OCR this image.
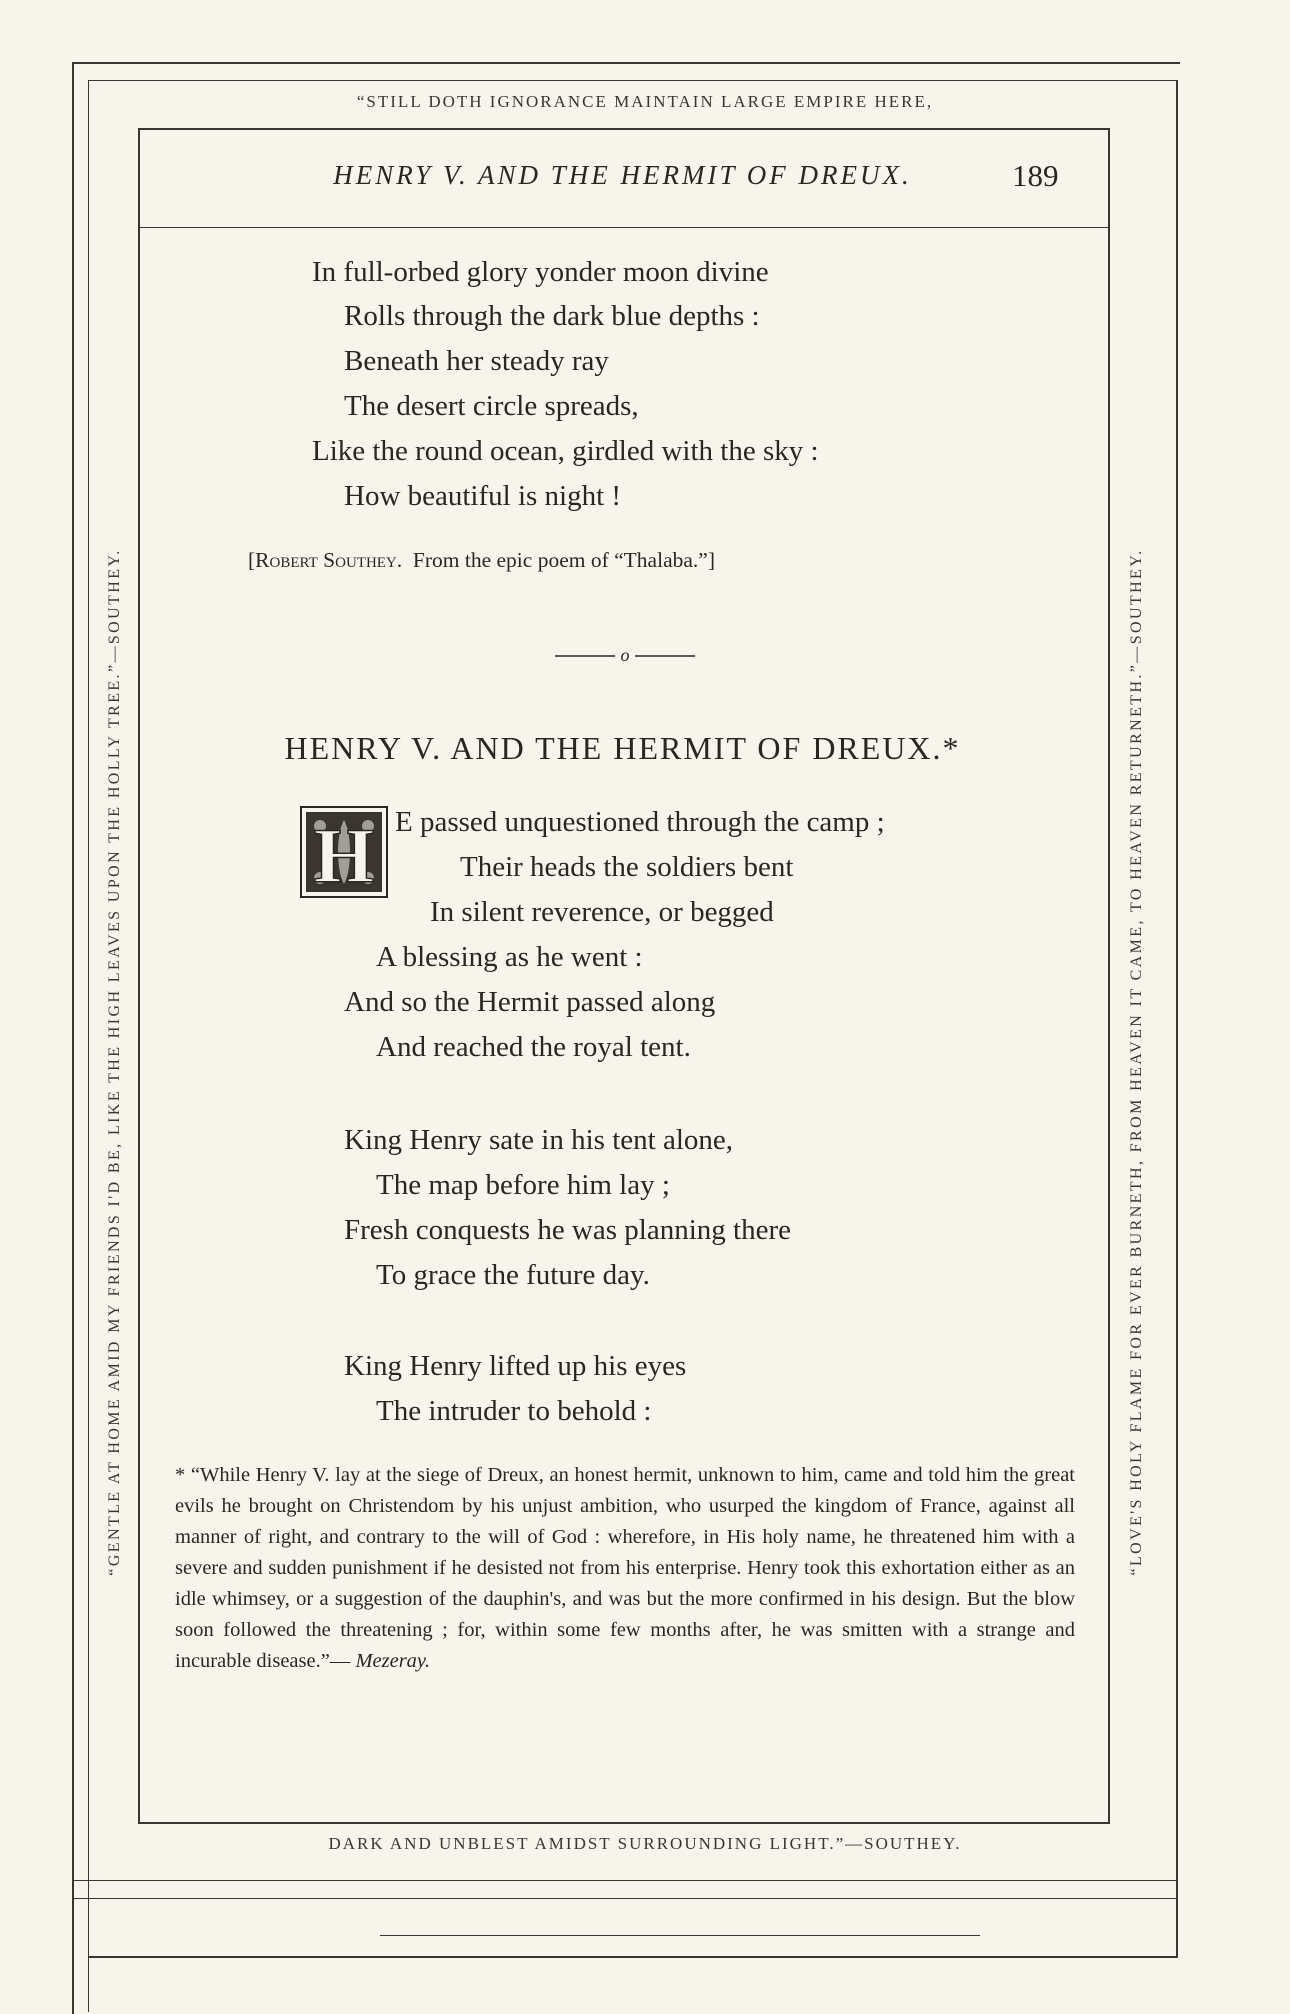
“STILL DOTH IGNORANCE MAINTAIN LARGE EMPIRE HERE,

“GENTLE AT HOME AMID MY FRIENDS I'D BE, LIKE THE HIGH LEAVES UPON THE HOLLY TREE.”—SOUTHEY.	“LOVE'S HOLY FLAME FOR EVER BURNETH, FROM HEAVEN IT CAME, TO HEAVEN RETURNETH.”—SOUTHEY.

DARK AND UNBLEST AMIDST SURROUNDING LIGHT.”—SOUTHEY.

HENRY V. AND THE HERMIT OF DREUX.	189

In full-orbed glory yonder moon divine

Rolls through the dark blue depths :

Beneath her steady ray

The desert circle spreads,

Like the round ocean, girdled with the sky :

How beautiful is night !

[Robert Southey. From the epic poem of “Thalaba.”]
o
HENRY V. AND THE HERMIT OF DREUX.*
H E passed unquestioned through the camp ;

Their heads the soldiers bent

In silent reverence, or begged

A blessing as he went :

And so the Hermit passed along

And reached the royal tent.

King Henry sate in his tent alone,

The map before him lay ;

Fresh conquests he was planning there

To grace the future day.

King Henry lifted up his eyes

The intruder to behold :

* “While Henry V. lay at the siege of Dreux, an honest hermit, unknown to him, came and told him the great evils he brought on Christendom by his unjust ambition, who usurped the kingdom of France, against all manner of right, and contrary to the will of God : wherefore, in His holy name, he threatened him with a severe and sudden punishment if he desisted not from his enterprise. Henry took this exhortation either as an idle whimsey, or a suggestion of the dauphin's, and was but the more confirmed in his design. But the blow soon followed the threatening ; for, within some few months after, he was smitten with a strange and incurable disease.”— Mezeray.
